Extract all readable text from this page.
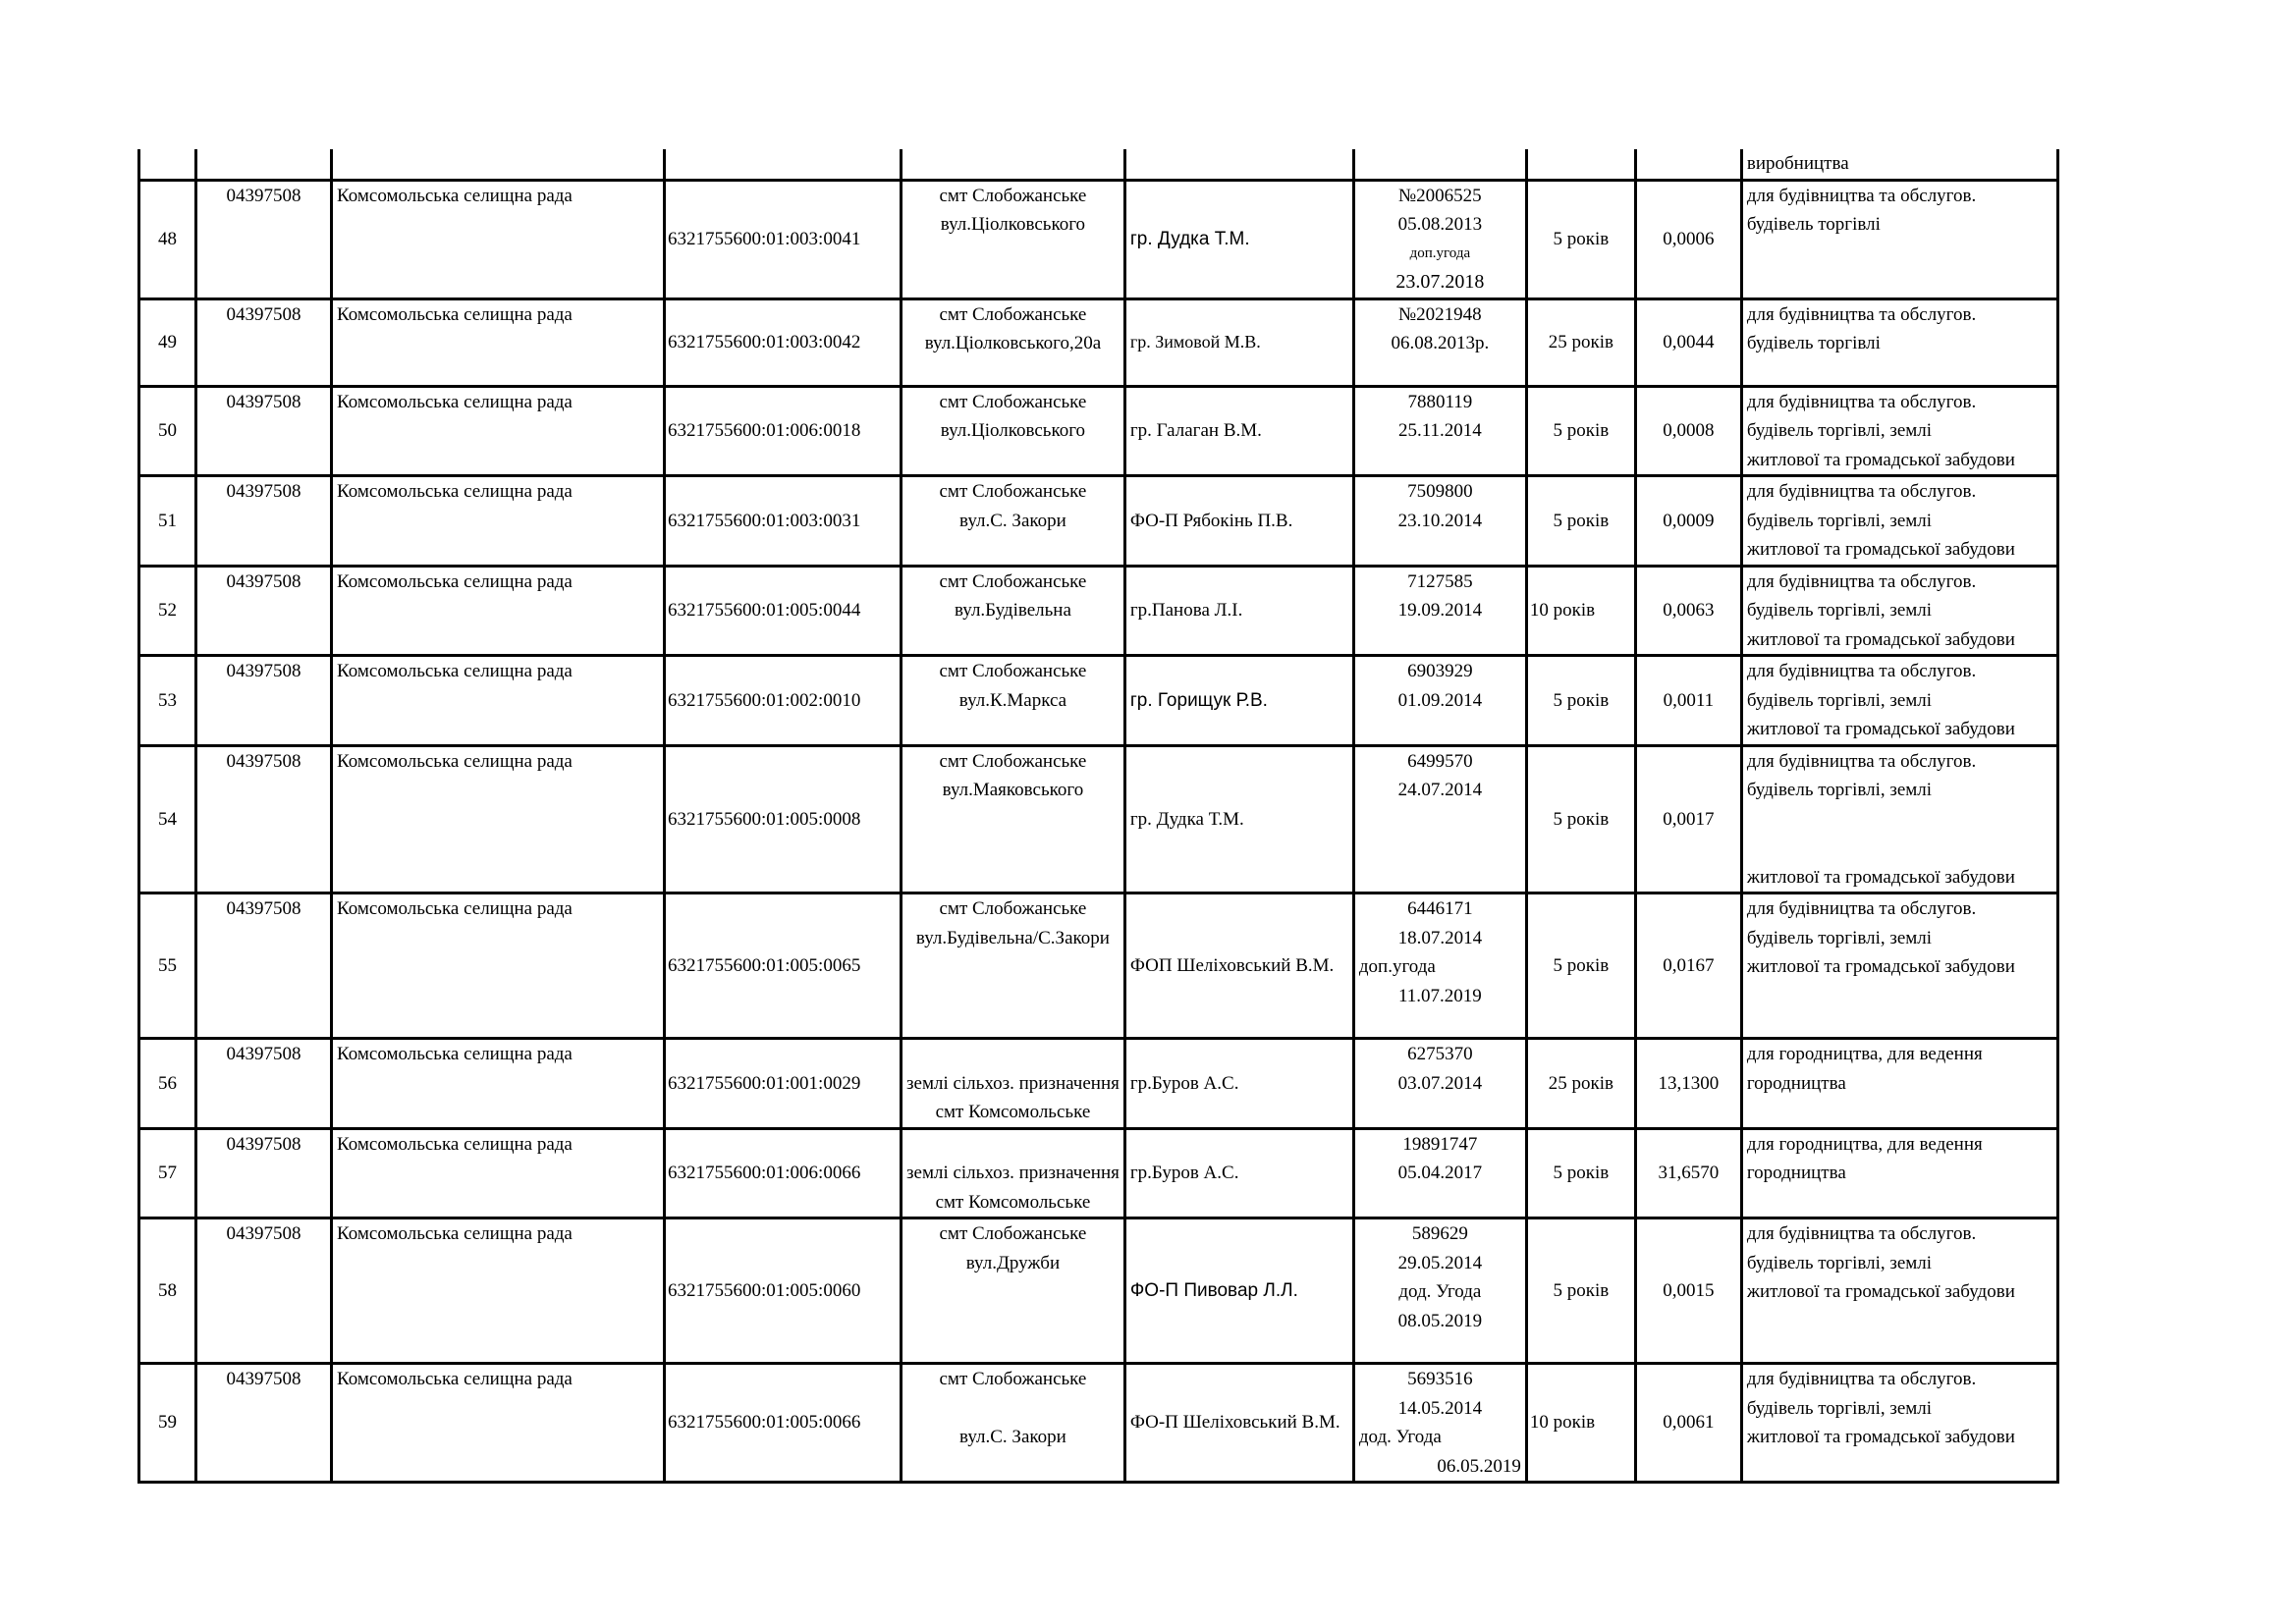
									виробництва

48	04397508	Комсомольська селищна рада	6321755600:01:003:0041	смт Слобожанське
вул.Ціолковського	гр. Дудка Т.М.	№2006525
05.08.2013
доп.угода
23.07.2018	5 років	0,0006	для будівництва та обслугов.
будівель торгівлі

49	04397508	Комсомольська селищна рада	6321755600:01:003:0042	смт Слобожанське
вул.Ціолковського,20а	гр. Зимовой М.В.	№2021948
06.08.2013р.	25 років	0,0044	для будівництва та обслугов.
будівель торгівлі

50	04397508	Комсомольська селищна рада	6321755600:01:006:0018	смт Слобожанське
вул.Ціолковського	гр. Галаган В.М.	7880119
25.11.2014	5 років	0,0008	для будівництва та обслугов.
будівель торгівлі, землі
житлової та громадської забудови

51	04397508	Комсомольська селищна рада	6321755600:01:003:0031	смт Слобожанське
вул.С. Закори	ФО-П Рябокінь П.В.	7509800
23.10.2014	5 років	0,0009	для будівництва та обслугов.
будівель торгівлі, землі
житлової та громадської забудови

52	04397508	Комсомольська селищна рада	6321755600:01:005:0044	смт Слобожанське
вул.Будівельна	гр.Панова Л.І.	7127585
19.09.2014	10 років	0,0063	для будівництва та обслугов.
будівель торгівлі, землі
житлової та громадської забудови

53	04397508	Комсомольська селищна рада	6321755600:01:002:0010	смт Слобожанське
вул.К.Маркса	гр. Горищук Р.В.	6903929
01.09.2014	5 років	0,0011	для будівництва та обслугов.
будівель торгівлі, землі
житлової та громадської забудови

54	04397508	Комсомольська селищна рада	6321755600:01:005:0008	смт Слобожанське
вул.Маяковського	гр. Дудка Т.М.	6499570
24.07.2014	5 років	0,0017	для будівництва та обслугов.
будівель торгівлі, землі
житлової та громадської забудови

55	04397508	Комсомольська селищна рада	6321755600:01:005:0065	смт Слобожанське
вул.Будівельна/С.Закори	ФОП Шеліховський В.М.	6446171
18.07.2014
доп.угода
11.07.2019	5 років	0,0167	для будівництва та обслугов.
будівель торгівлі, землі
житлової та громадської забудови

56	04397508	Комсомольська селищна рада	6321755600:01:001:0029	землі сільхоз. призначення
смт Комсомольське	гр.Буров А.С.	6275370
03.07.2014	25 років	13,1300	для городництва, для ведення
городництва

57	04397508	Комсомольська селищна рада	6321755600:01:006:0066	землі сільхоз. призначення
смт Комсомольське	гр.Буров А.С.	19891747
05.04.2017	5 років	31,6570	для городництва, для ведення
городництва

58	04397508	Комсомольська селищна рада	6321755600:01:005:0060	смт Слобожанське
вул.Дружби	ФО-П Пивовар Л.Л.	589629
29.05.2014
дод. Угода
08.05.2019	5 років	0,0015	для будівництва та обслугов.
будівель торгівлі, землі
житлової та громадської забудови

59	04397508	Комсомольська селищна рада	6321755600:01:005:0066	смт Слобожанське
вул.С. Закори	ФО-П Шеліховський В.М.	5693516
14.05.2014
дод. Угода
06.05.2019	10 років	0,0061	для будівництва та обслугов.
будівель торгівлі, землі
житлової та громадської забудови
